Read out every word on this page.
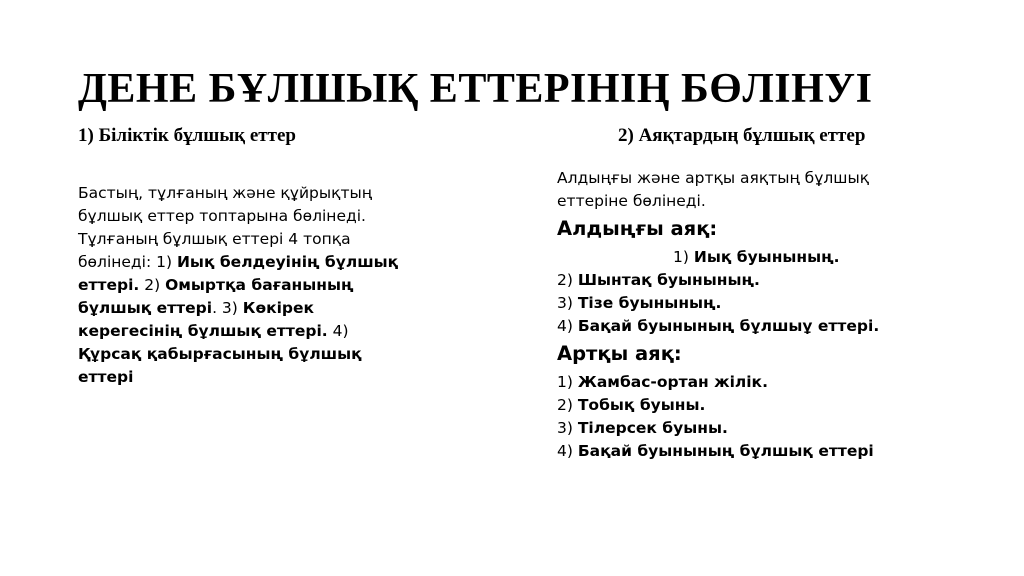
ДЕНЕ БҰЛШЫҚ ЕТТЕРІНІҢ БӨЛІНУІ
1) Біліктік бұлшық еттер	2) Аяқтардың бұлшық еттер
Бастың, тұлғаның және құйрықтың бұлшық еттер топтарына бөлінеді. Тұлғаның бұлшық еттері 4 топқа бөлінеді: 1) Иық белдеуінің бұлшық еттері. 2) Омыртқа бағанының бұлшық еттері. 3) Көкірек керегесінің бұлшық еттері. 4) Құрсақ қабырғасының бұлшық еттері
Алдыңғы және артқы аяқтың бұлшық еттеріне бөлінеді.
Алдыңғы аяқ:
1) Иық буынының.
2) Шынтақ буынының.
3) Тізе буынының.
4) Бақай буынының бұлшыұ еттері.
Артқы аяқ:
1) Жамбас-ортан жілік.
2) Тобық буыны.
3) Тілерсек буыны.
4) Бақай буынының бұлшық еттері
